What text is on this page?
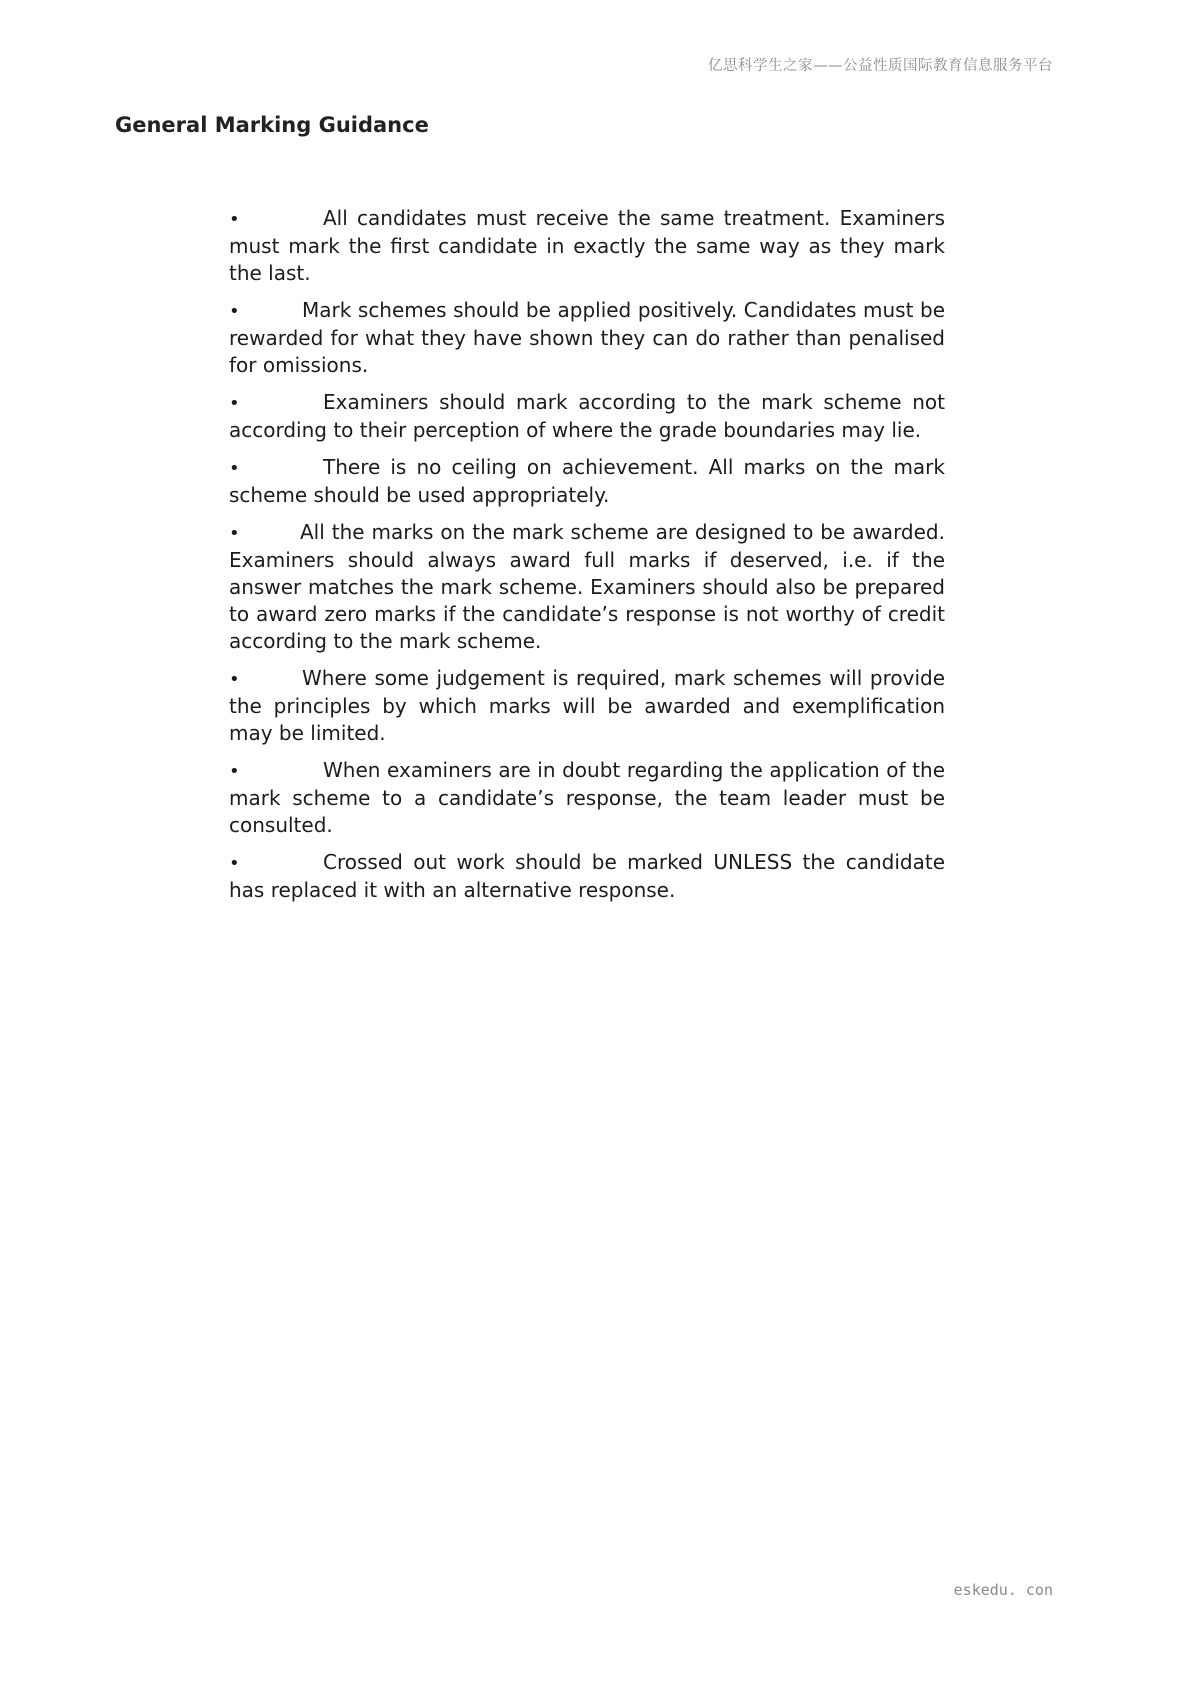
亿思科学生之家——公益性质国际教育信息服务平台
General Marking Guidance
•	All candidates must receive the same treatment. Examiners must mark the first candidate in exactly the same way as they mark the last.
•	Mark schemes should be applied positively. Candidates must be rewarded for what they have shown they can do rather than penalised for omissions.
•	Examiners should mark according to the mark scheme not according to their perception of where the grade boundaries may lie.
•	There is no ceiling on achievement. All marks on the mark scheme should be used appropriately.
•	All the marks on the mark scheme are designed to be awarded. Examiners should always award full marks if deserved, i.e. if the answer matches the mark scheme. Examiners should also be prepared to award zero marks if the candidate’s response is not worthy of credit according to the mark scheme.
•	Where some judgement is required, mark schemes will provide the principles by which marks will be awarded and exemplification may be limited.
•	When examiners are in doubt regarding the application of the mark scheme to a candidate’s response, the team leader must be consulted.
•	Crossed out work should be marked UNLESS the candidate has replaced it with an alternative response.
eskedu. con
